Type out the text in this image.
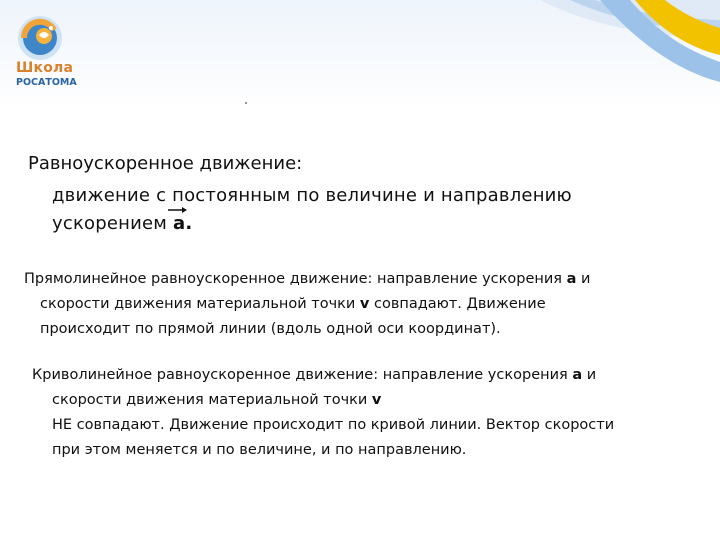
Школа
РОСАТОМА
Равноускоренное движение:
движение с постоянным по величине и направлению
ускорением
a.
Прямолинейное равноускоренное движение: направление ускорения a и
скорости движения материальной точки v совпадают. Движение
происходит по прямой линии (вдоль одной оси координат).
Криволинейное равноускоренное движение: направление ускорения a и
скорости движения материальной точки v
НЕ совпадают. Движение происходит по кривой линии. Вектор скорости
при этом меняется и по величине, и по направлению.
